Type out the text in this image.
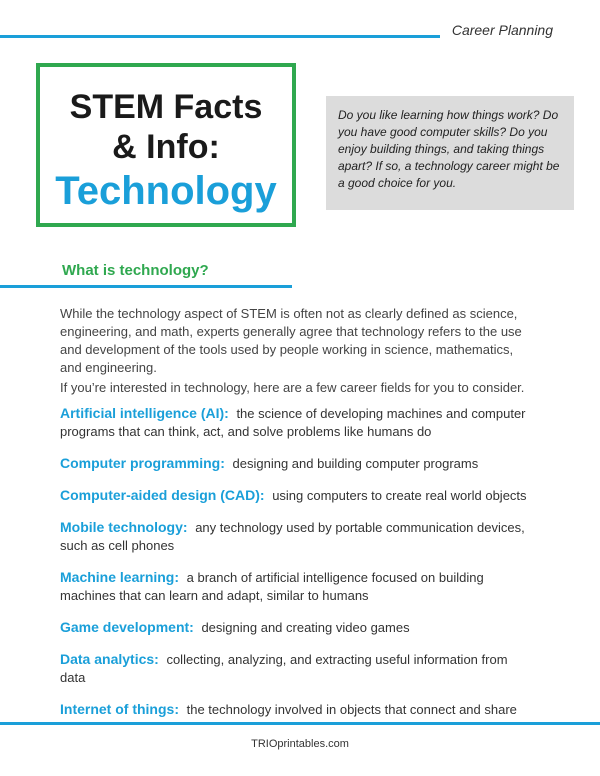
Career Planning
STEM Facts
& Info:
Technology
Do you like learning how things work? Do you have good computer skills? Do you enjoy building things, and taking things apart? If so, a technology career might be a good choice for you.
What is technology?
While the technology aspect of STEM is often not as clearly defined as science, engineering, and math, experts generally agree that technology refers to the use and development of the tools used by people working in science, mathematics, and engineering.
If you’re interested in technology, here are a few career fields for you to consider.
Artificial intelligence (AI): the science of developing machines and computer programs that can think, act, and solve problems like humans do
Computer programming: designing and building computer programs
Computer-aided design (CAD): using computers to create real world objects
Mobile technology: any technology used by portable communication devices, such as cell phones
Machine learning: a branch of artificial intelligence focused on building machines that can learn and adapt, similar to humans
Game development: designing and creating video games
Data analytics: collecting, analyzing, and extracting useful information from data
Internet of things: the technology involved in objects that connect and share
TRIOprintables.com
